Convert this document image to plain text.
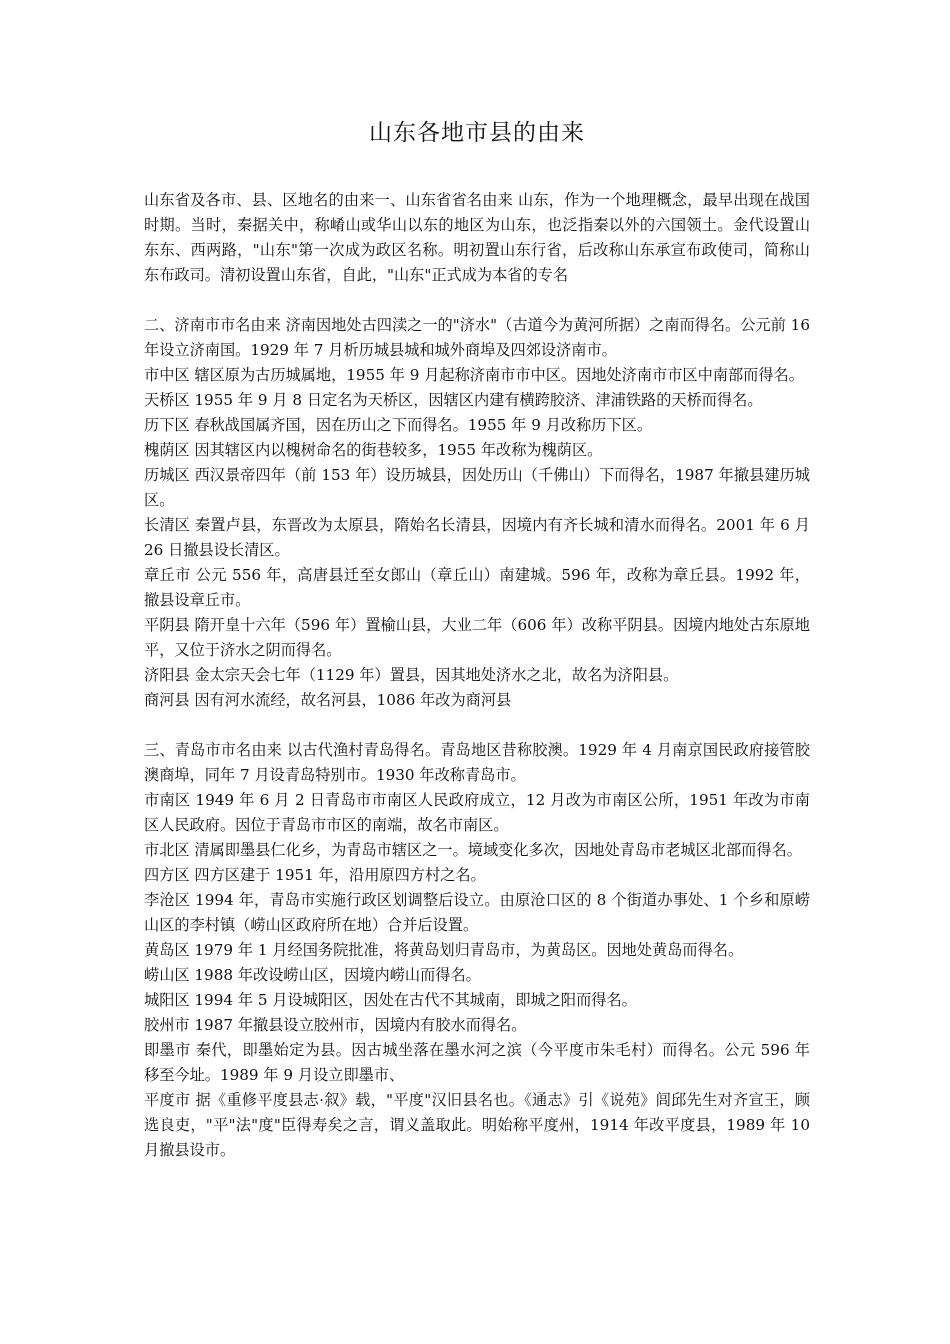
山东各地市县的由来

山东省及各市、县、区地名的由来一、山东省省名由来 山东，作为一个地理概念，最早出现在战国时期。当时，秦据关中，称崤山或华山以东的地区为山东，也泛指秦以外的六国领土。金代设置山东东、西两路，"山东"第一次成为政区名称。明初置山东行省，后改称山东承宣布政使司，简称山东布政司。清初设置山东省，自此，"山东"正式成为本省的专名

二、济南市市名由来 济南因地处古四渎之一的"济水"（古道今为黄河所据）之南而得名。公元前 16 年设立济南国。1929 年 7 月析历城县城和城外商埠及四郊设济南市。

市中区 辖区原为古历城属地，1955 年 9 月起称济南市市中区。因地处济南市市区中南部而得名。

天桥区 1955 年 9 月 8 日定名为天桥区，因辖区内建有横跨胶济、津浦铁路的天桥而得名。

历下区 春秋战国属齐国，因在历山之下而得名。1955 年 9 月改称历下区。

槐荫区 因其辖区内以槐树命名的街巷较多，1955 年改称为槐荫区。

历城区 西汉景帝四年（前 153 年）设历城县，因处历山（千佛山）下而得名，1987 年撤县建历城区。

长清区 秦置卢县，东晋改为太原县，隋始名长清县，因境内有齐长城和清水而得名。2001 年 6 月 26 日撤县设长清区。

章丘市 公元 556 年，高唐县迁至女郎山（章丘山）南建城。596 年，改称为章丘县。1992 年，撤县设章丘市。

平阴县 隋开皇十六年（596 年）置榆山县，大业二年（606 年）改称平阴县。因境内地处古东原地平，又位于济水之阴而得名。

济阳县 金太宗天会七年（1129 年）置县，因其地处济水之北，故名为济阳县。

商河县 因有河水流经，故名河县，1086 年改为商河县

三、青岛市市名由来 以古代渔村青岛得名。青岛地区昔称胶澳。1929 年 4 月南京国民政府接管胶澳商埠，同年 7 月设青岛特别市。1930 年改称青岛市。

市南区 1949 年 6 月 2 日青岛市市南区人民政府成立，12 月改为市南区公所，1951 年改为市南区人民政府。因位于青岛市市区的南端，故名市南区。

市北区 清属即墨县仁化乡，为青岛市辖区之一。境域变化多次，因地处青岛市老城区北部而得名。

四方区 四方区建于 1951 年，沿用原四方村之名。

李沧区 1994 年，青岛市实施行政区划调整后设立。由原沧口区的 8 个街道办事处、1 个乡和原崂山区的李村镇（崂山区政府所在地）合并后设置。

黄岛区 1979 年 1 月经国务院批准，将黄岛划归青岛市，为黄岛区。因地处黄岛而得名。

崂山区 1988 年改设崂山区，因境内崂山而得名。

城阳区 1994 年 5 月设城阳区，因处在古代不其城南，即城之阳而得名。

胶州市 1987 年撤县设立胶州市，因境内有胶水而得名。

即墨市 秦代，即墨始定为县。因古城坐落在墨水河之滨（今平度市朱毛村）而得名。公元 596 年移至今址。1989 年 9 月设立即墨市、

平度市 据《重修平度县志·叙》载，"平度"汉旧县名也。《通志》引《说苑》闾邱先生对齐宣王，顾选良吏，"平"法"度"臣得寿矣之言，谓义盖取此。明始称平度州，1914 年改平度县，1989 年 10 月撤县设市。
